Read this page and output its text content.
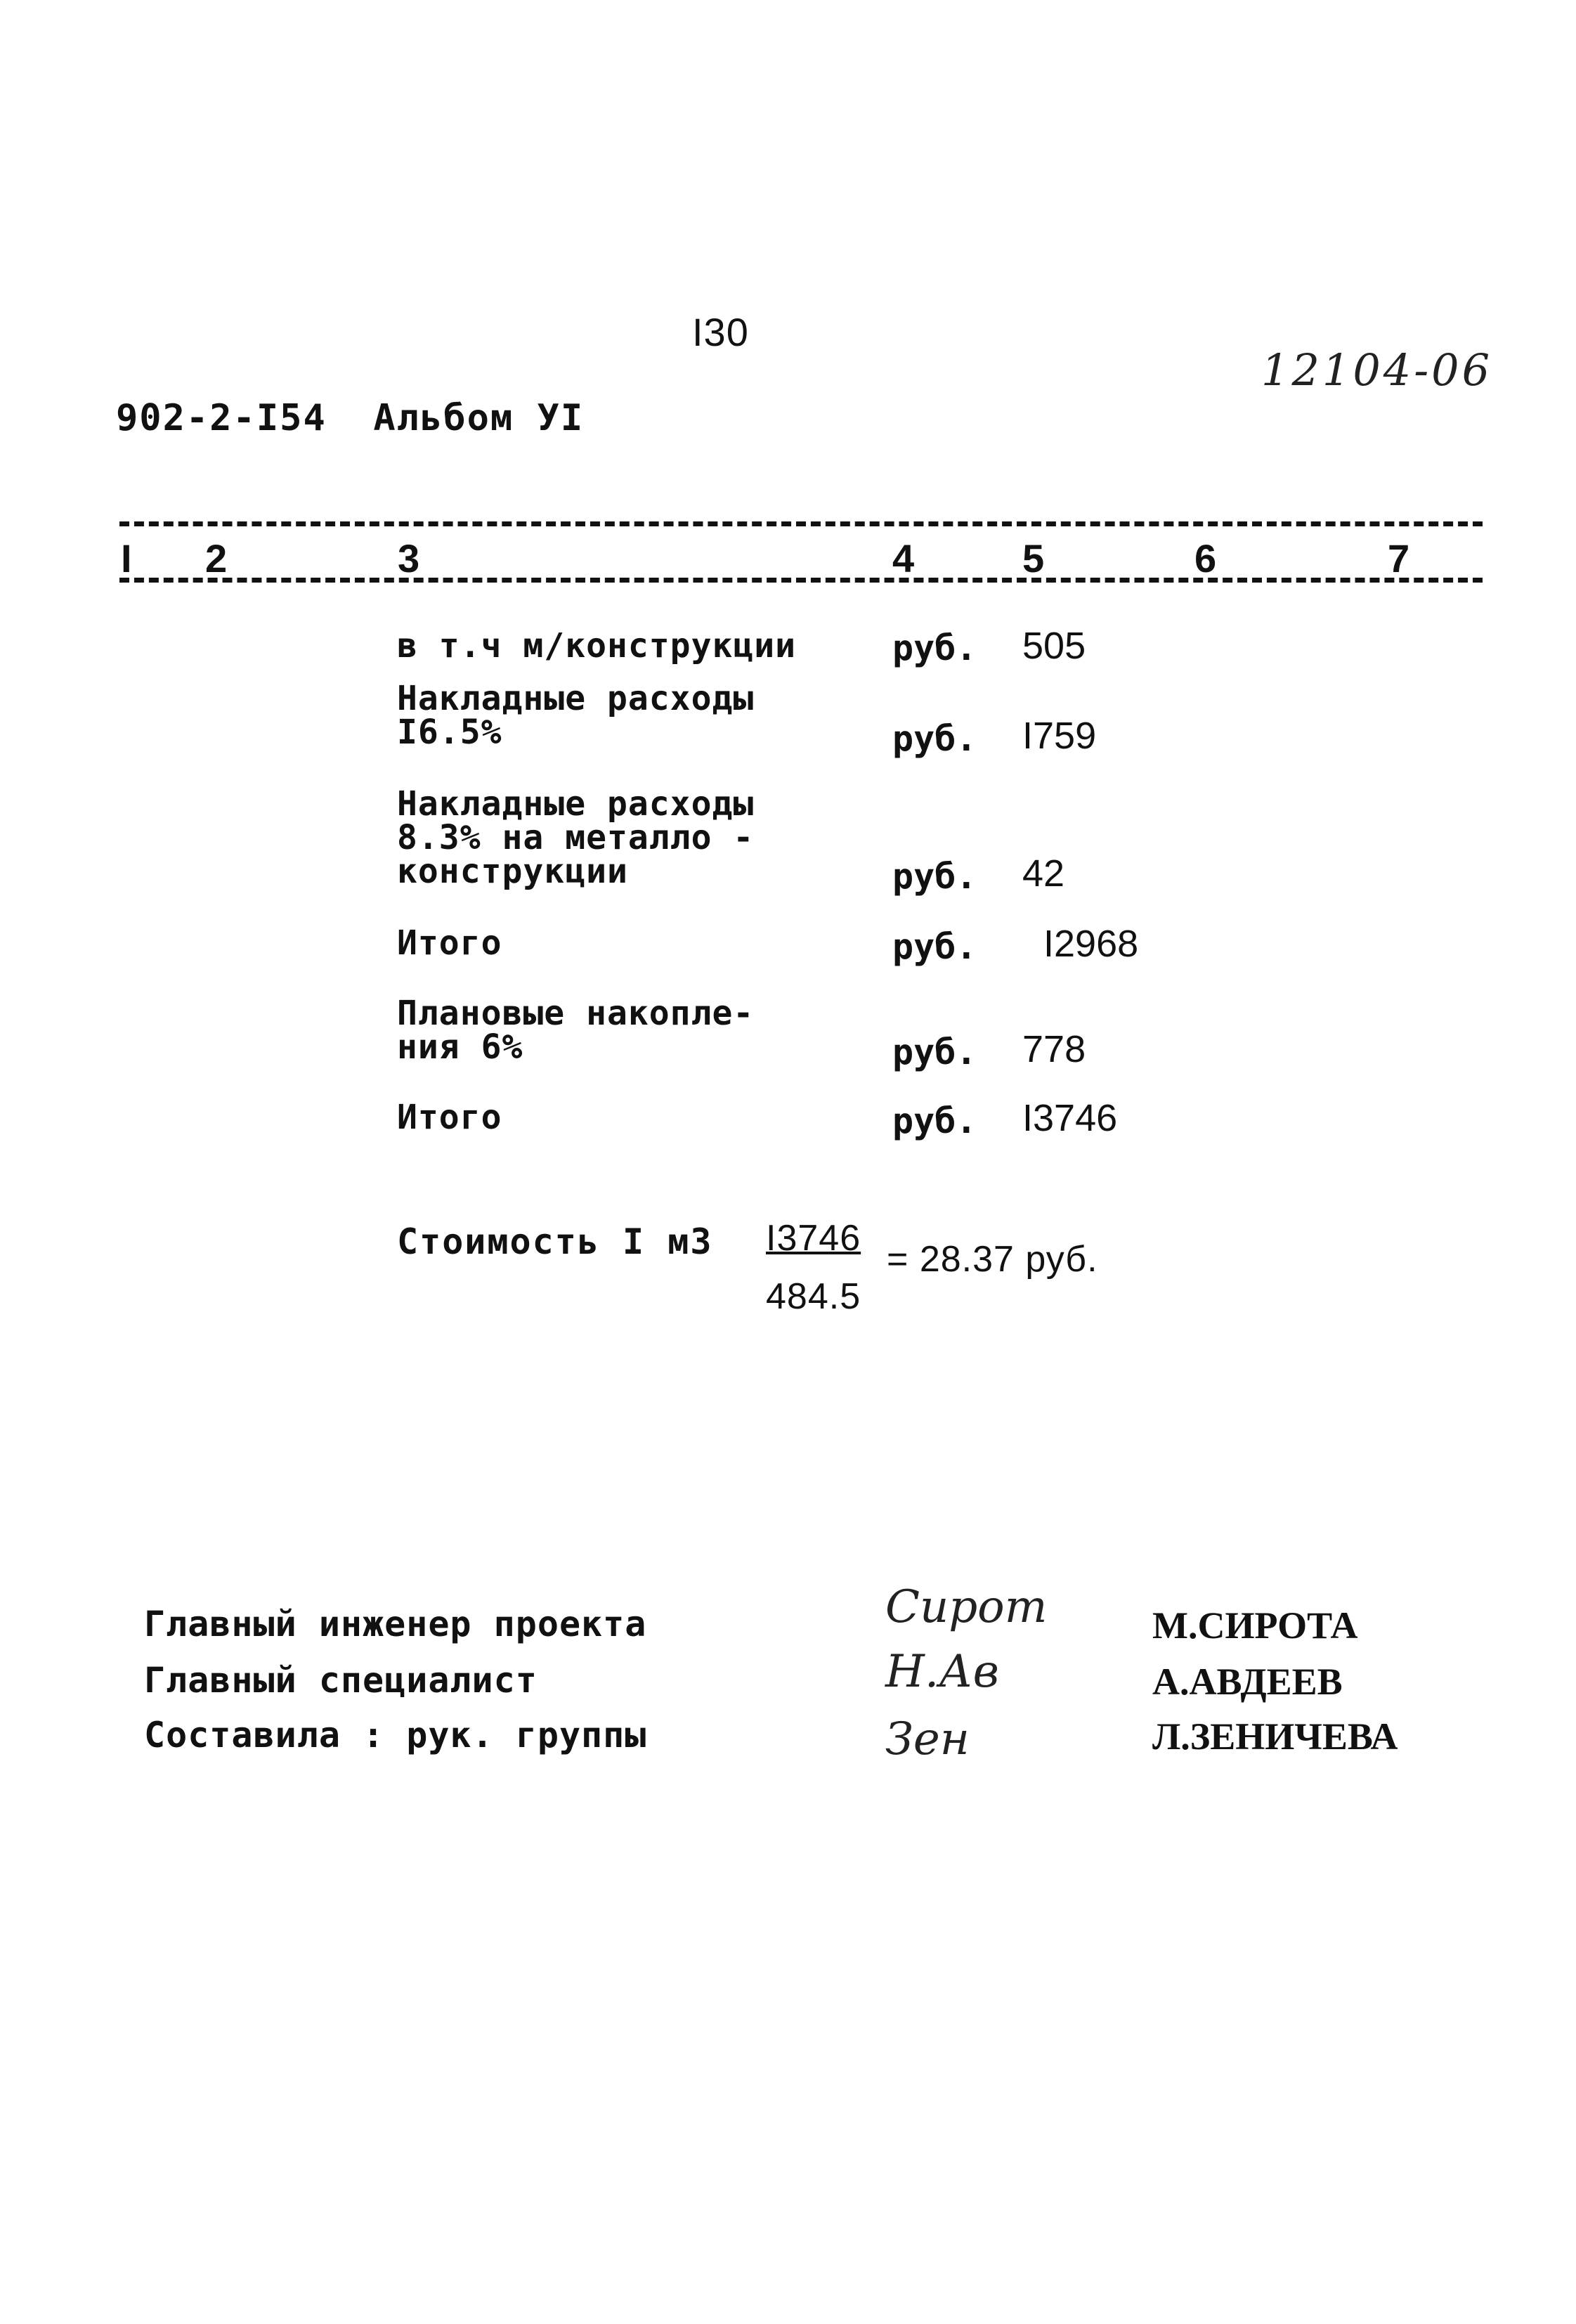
I30
12104-06
902-2-I54  Альбом УI
I 2	3	4	5	6	7
в т.ч м/конструкции	руб. 505
Накладные расходы
I6.5%	руб. I759
Накладные расходы
8.3% на металло -
конструкции	руб. 42
Итого	руб. I2968
Плановые накопле-
ния 6%	руб. 778
Итого	руб. I3746
Стоимость I м3 I3746
= 28.37 руб.
484.5
Главный инженер проекта	Сирот	М.СИРОТА
Главный специалист	Н.Ав	А.АВДЕЕВ
Составила : рук. группы	Зен	Л.ЗЕНИЧЕВА
